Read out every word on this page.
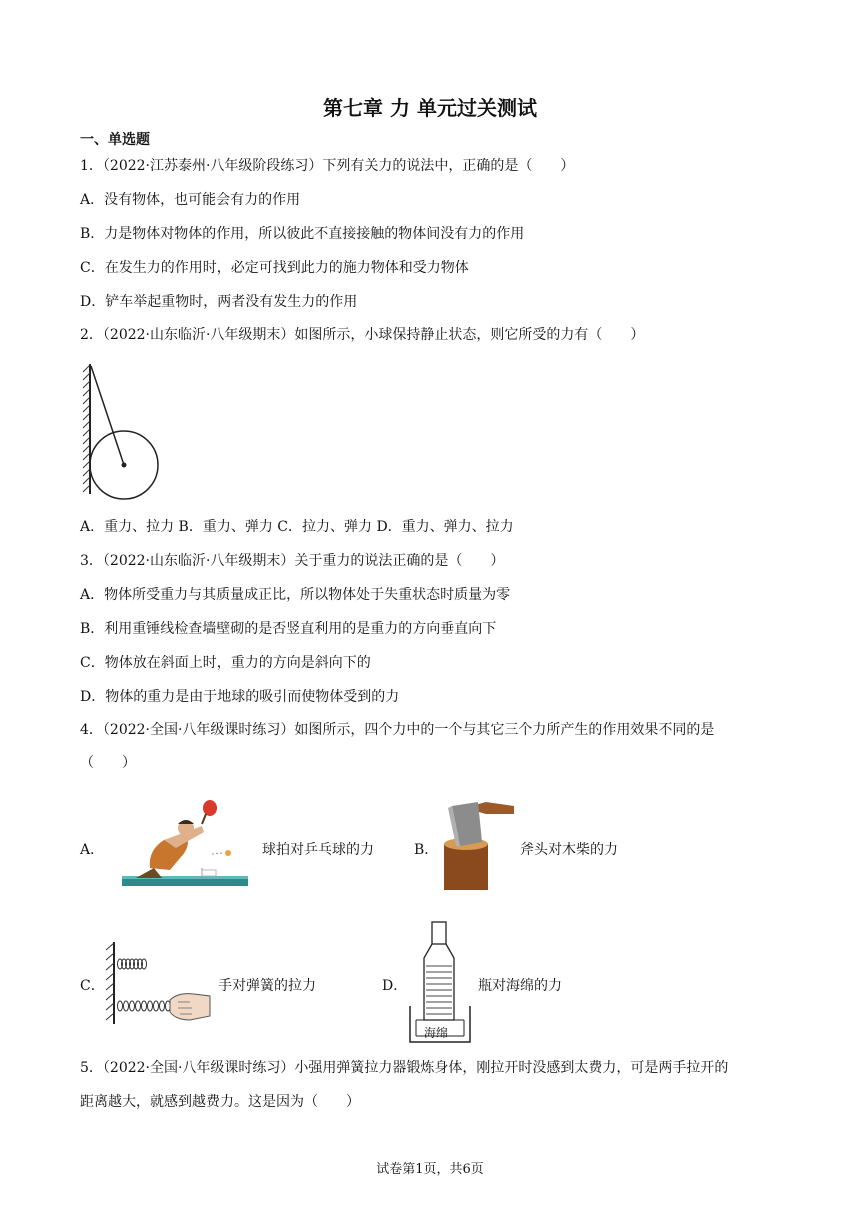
第七章 力 单元过关测试
一、单选题
1．（2022·江苏泰州·八年级阶段练习）下列有关力的说法中，正确的是（　　）
A．没有物体，也可能会有力的作用
B．力是物体对物体的作用，所以彼此不直接接触的物体间没有力的作用
C．在发生力的作用时，必定可找到此力的施力物体和受力物体
D．铲车举起重物时，两者没有发生力的作用
2．（2022·山东临沂·八年级期末）如图所示，小球保持静止状态，则它所受的力有（　　）
A．重力、拉力 B．重力、弹力 C．拉力、弹力 D．重力、弹力、拉力
3．（2022·山东临沂·八年级期末）关于重力的说法正确的是（　　）
A．物体所受重力与其质量成正比，所以物体处于失重状态时质量为零
B．利用重锤线检查墙壁砌的是否竖直利用的是重力的方向垂直向下
C．物体放在斜面上时，重力的方向是斜向下的
D．物体的重力是由于地球的吸引而使物体受到的力
4．（2022·全国·八年级课时练习）如图所示，四个力中的一个与其它三个力所产生的作用效果不同的是
（　　）
A．	球拍对乒乓球的力	B．	斧头对木柴的力
C．	手对弹簧的拉力	D．
海绵
瓶对海绵的力
5．（2022·全国·八年级课时练习）小强用弹簧拉力器锻炼身体，刚拉开时没感到太费力，可是两手拉开的
距离越大，就感到越费力。这是因为（　　）
试卷第1页，共6页
